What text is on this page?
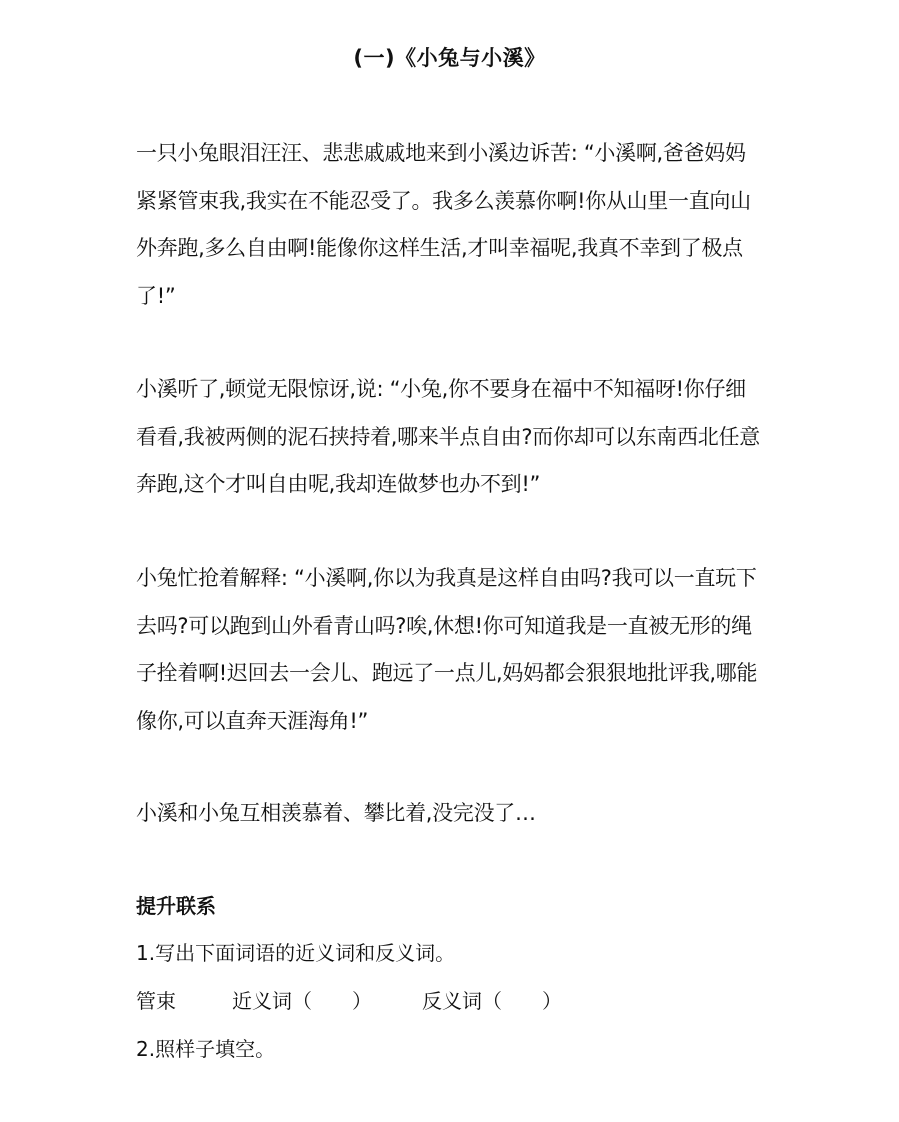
(一)《小兔与小溪》

一只小兔眼泪汪汪、悲悲戚戚地来到小溪边诉苦: “小溪啊,爸爸妈妈紧紧管束我,我实在不能忍受了。我多么羡慕你啊!你从山里一直向山外奔跑,多么自由啊!能像你这样生活,才叫幸福呢,我真不幸到了极点了!”

小溪听了,顿觉无限惊讶,说: “小兔,你不要身在福中不知福呀!你仔细看看,我被两侧的泥石挟持着,哪来半点自由?而你却可以东南西北任意奔跑,这个才叫自由呢,我却连做梦也办不到!”

小兔忙抢着解释: “小溪啊,你以为我真是这样自由吗?我可以一直玩下去吗?可以跑到山外看青山吗?唉,休想!你可知道我是一直被无形的绳子拴着啊!迟回去一会儿、跑远了一点儿,妈妈都会狠狠地批评我,哪能像你,可以直奔天涯海角!”

小溪和小兔互相羡慕着、攀比着,没完没了…

提升联系
1.写出下面词语的近义词和反义词。
管束	近义词（　　）	反义词（　　）
2.照样子填空。
